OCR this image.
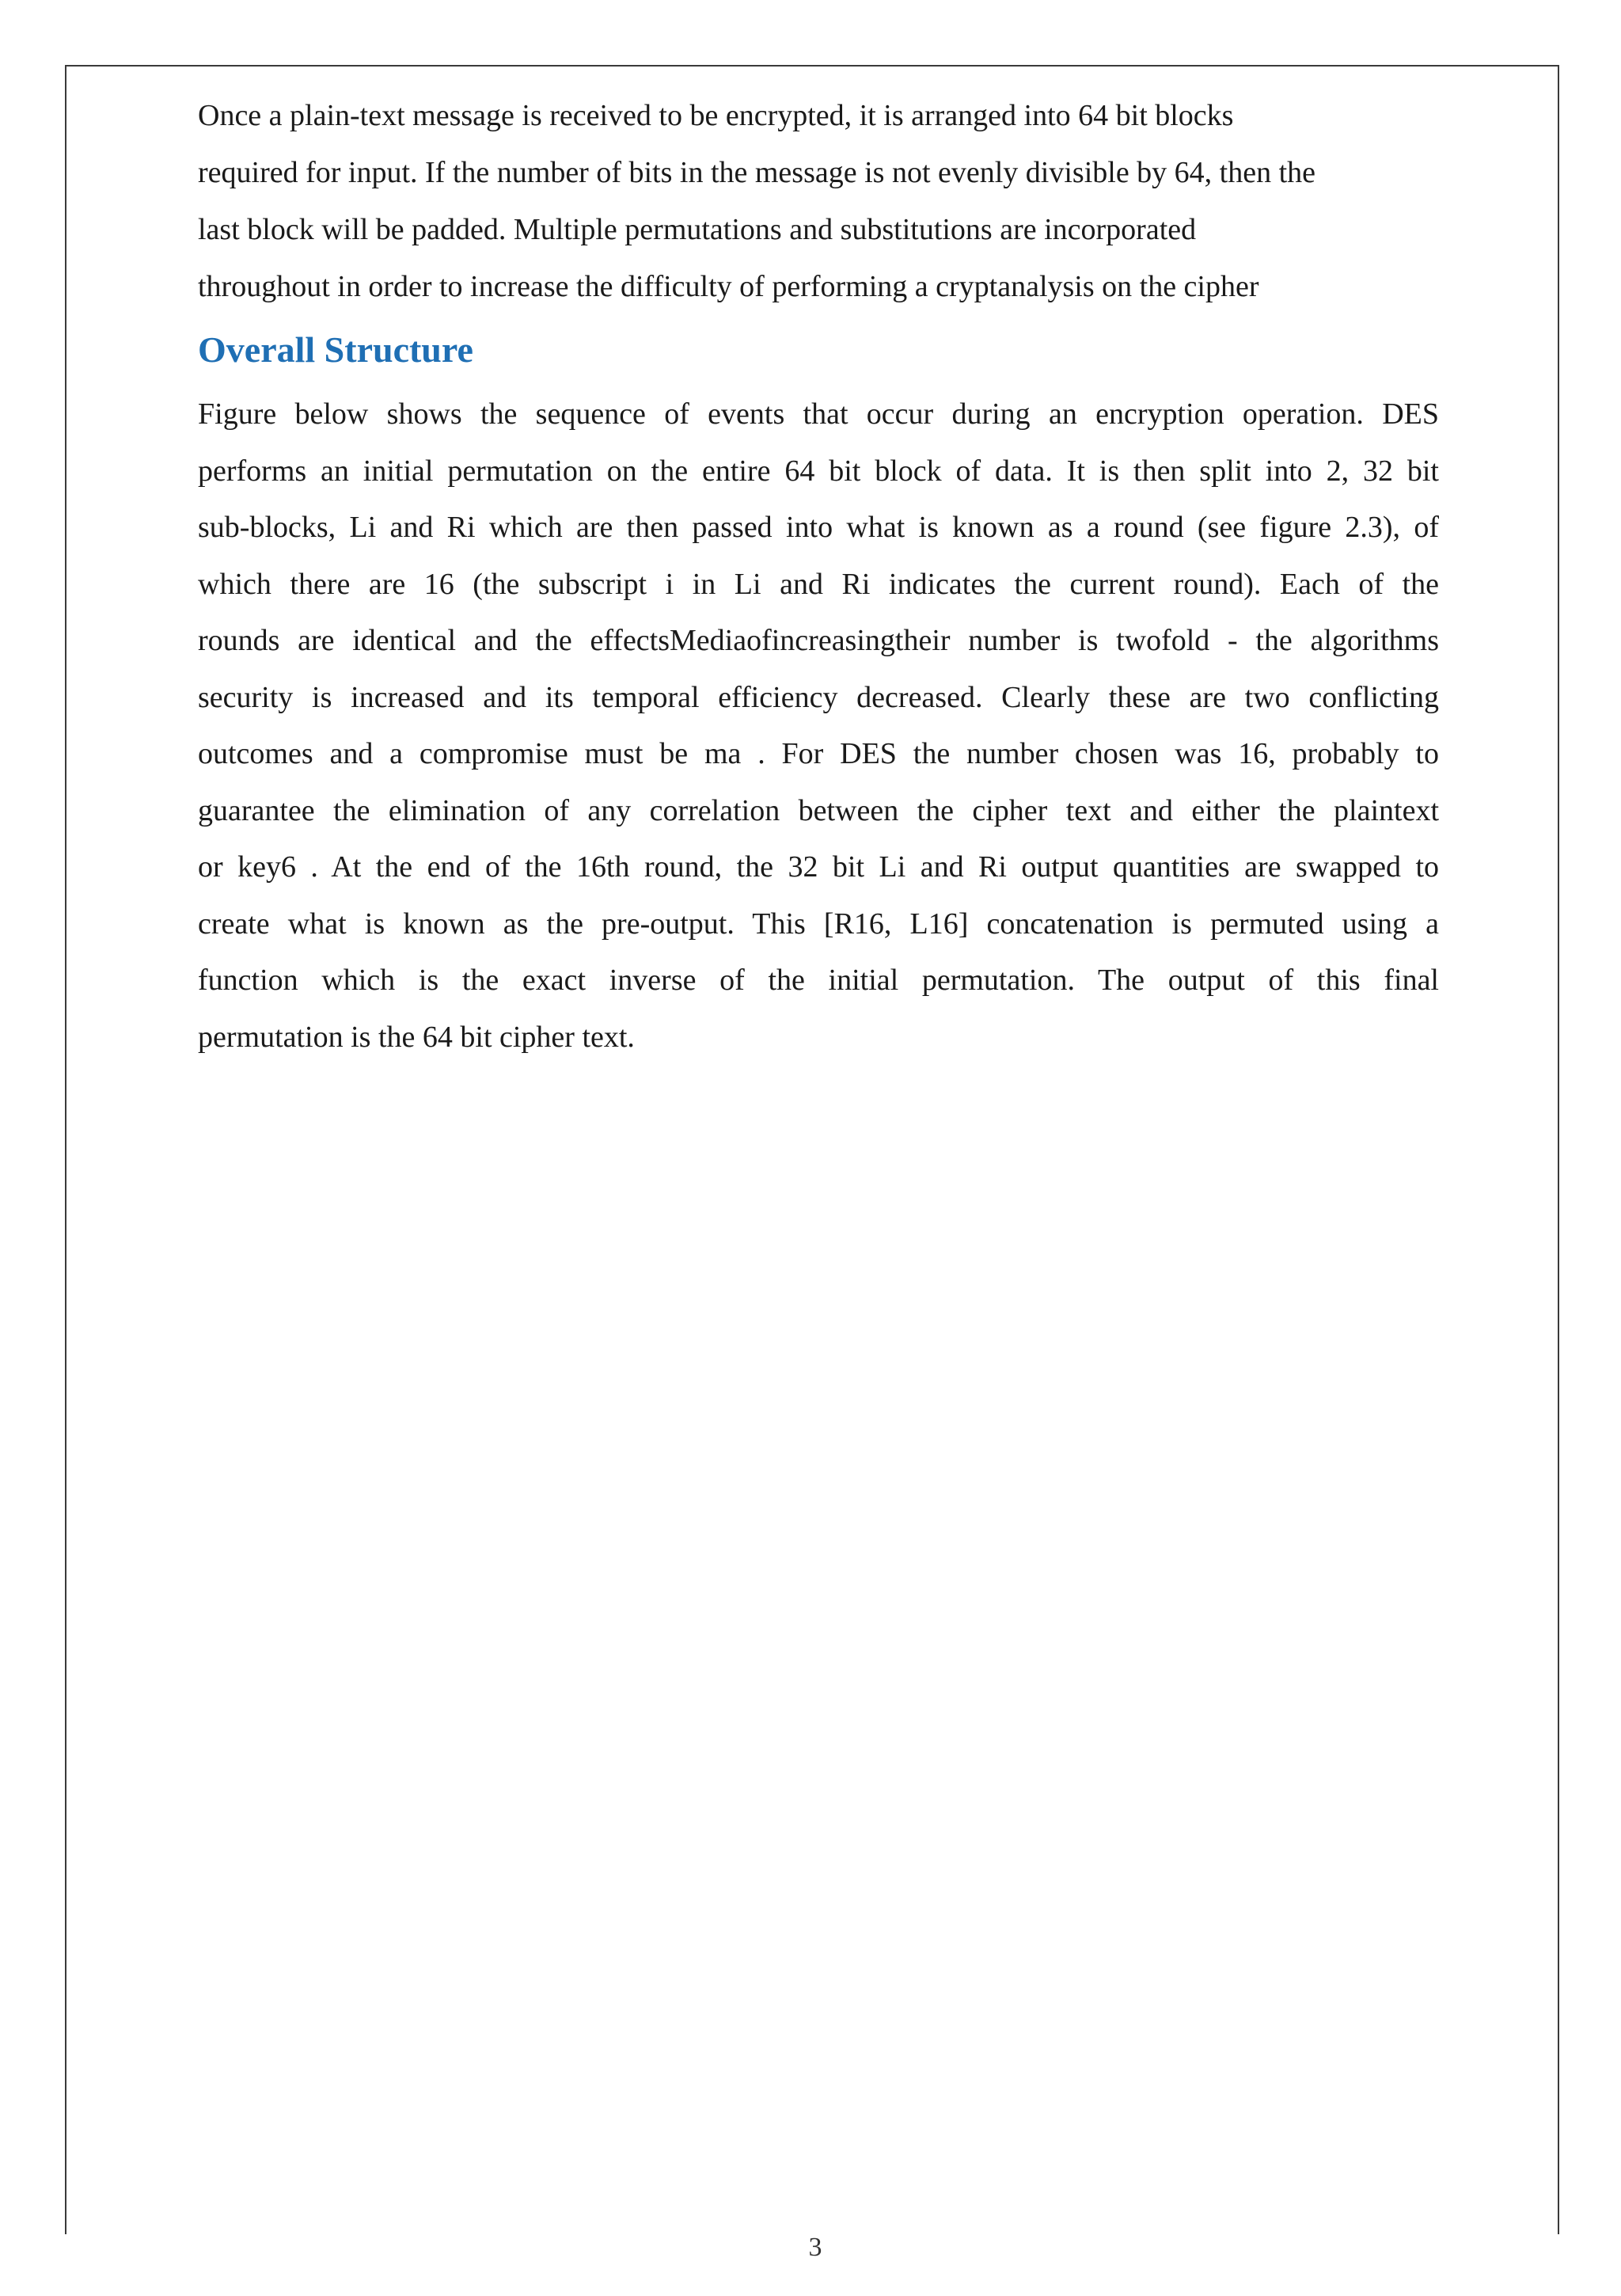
Once a plain-text message is received to be encrypted, it is arranged into 64 bit blocks
required for input. If the number of bits in the message is not evenly divisible by 64, then the
last block will be padded. Multiple permutations and substitutions are incorporated
throughout in order to increase the difficulty of performing a cryptanalysis on the cipher

Overall Structure

Figure below shows the sequence of events that occur during an encryption operation. DES
performs an initial permutation on the entire 64 bit block of data. It is then split into 2, 32 bit
sub-blocks, Li and Ri which are then passed into what is known as a round (see figure 2.3), of
which there are 16 (the subscript i in Li and Ri indicates the current round). Each of the
rounds are identical and the effectsMediaofincreasingtheir number is twofold - the algorithms
security is increased and its temporal efficiency decreased. Clearly these are two conflicting
outcomes and a compromise must be ma . For DES the number chosen was 16, probably to
guarantee the elimination of any correlation between the cipher text and either the plaintext
or key6 . At the end of the 16th round, the 32 bit Li and Ri output quantities are swapped to
create what is known as the pre-output. This [R16, L16] concatenation is permuted using a
function which is the exact inverse of the initial permutation. The output of this final
permutation is the 64 bit cipher text.

3
